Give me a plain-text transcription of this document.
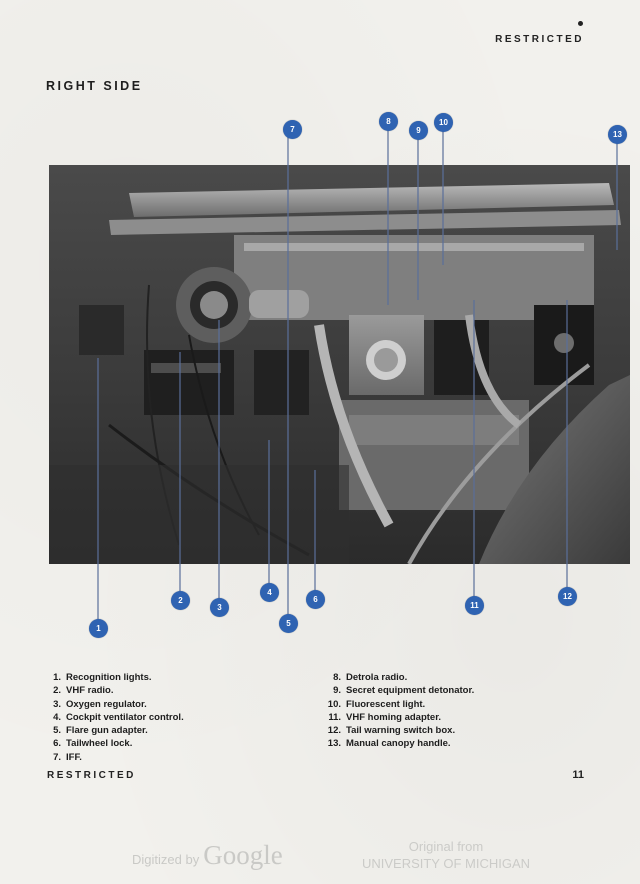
RESTRICTED
RIGHT SIDE
1
2
3
4
5
6
7
8
9
10
11
12
13
1. Recognition lights.
2. VHF radio.
3. Oxygen regulator.
4. Cockpit ventilator control.
5. Flare gun adapter.
6. Tailwheel lock.
7. IFF.
8. Detrola radio.
9. Secret equipment detonator.
10. Fluorescent light.
11. VHF homing adapter.
12. Tail warning switch box.
13. Manual canopy handle.
RESTRICTED	11
Digitized by Google	Original from
UNIVERSITY OF MICHIGAN
